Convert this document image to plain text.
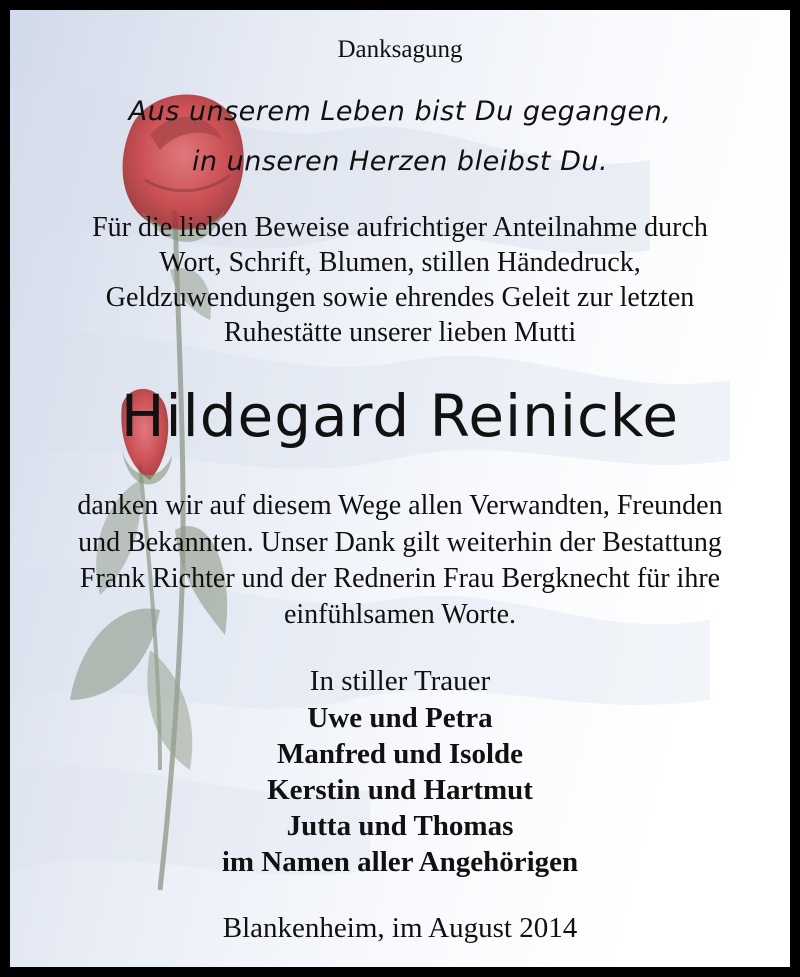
Danksagung
Aus unserem Leben bist Du gegangen,
in unseren Herzen bleibst Du.
Für die lieben Beweise aufrichtiger Anteilnahme durch
Wort, Schrift, Blumen, stillen Händedruck,
Geldzuwendungen sowie ehrendes Geleit zur letzten
Ruhestätte unserer lieben Mutti
Hildegard Reinicke
danken wir auf diesem Wege allen Verwandten, Freunden
und Bekannten. Unser Dank gilt weiterhin der Bestattung
Frank Richter und der Rednerin Frau Bergknecht für ihre
einfühlsamen Worte.
In stiller Trauer
Uwe und Petra
Manfred und Isolde
Kerstin und Hartmut
Jutta und Thomas
im Namen aller Angehörigen
Blankenheim, im August 2014
